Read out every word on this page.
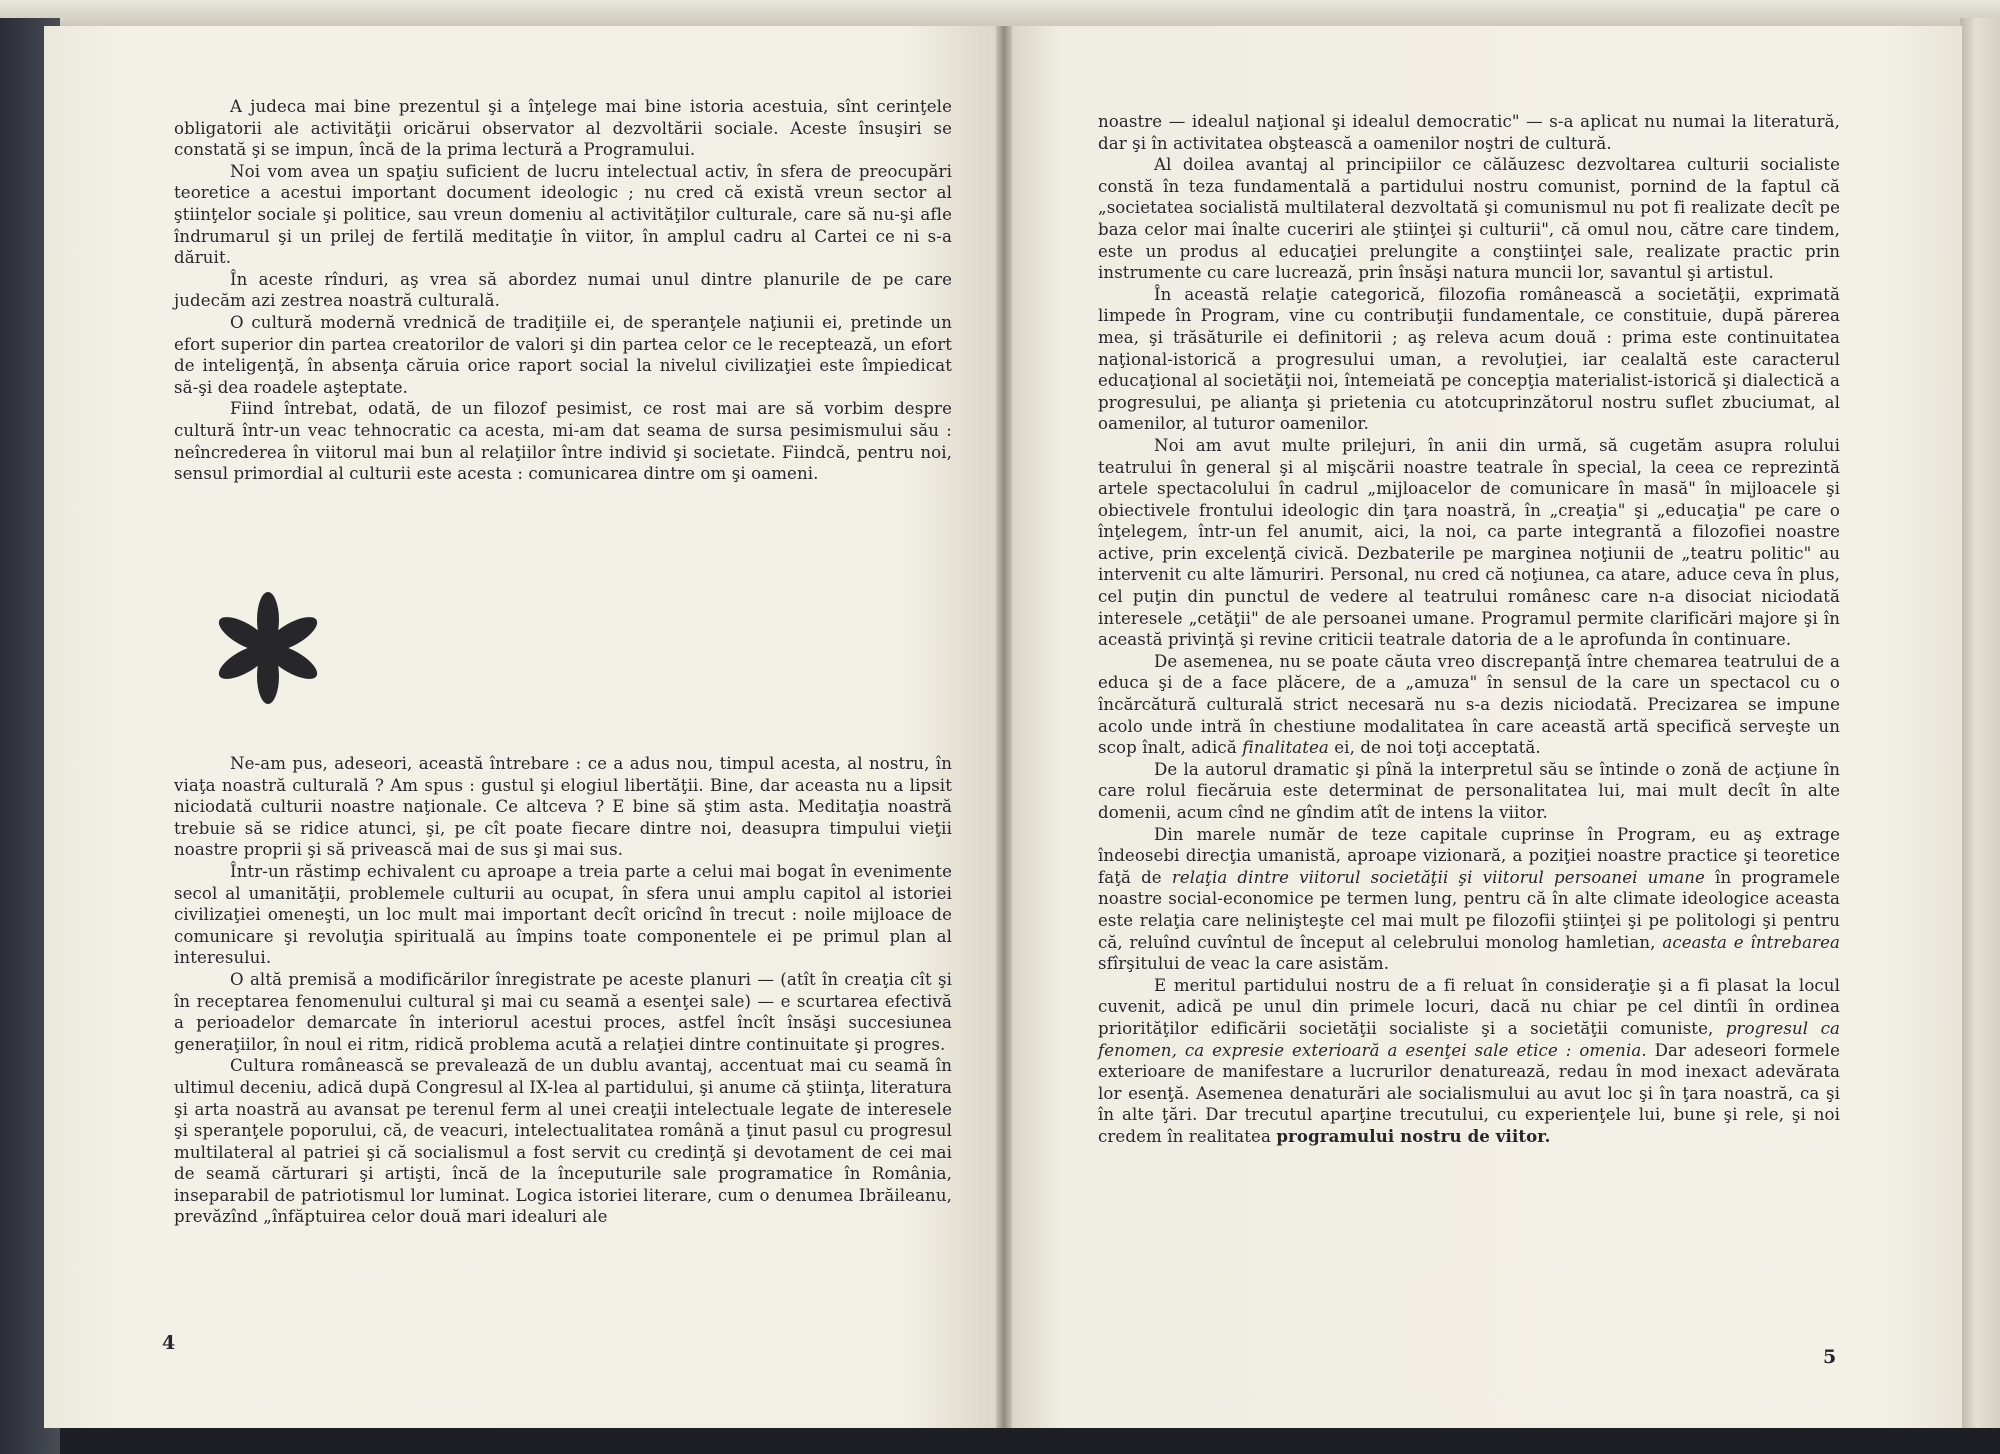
A judeca mai bine prezentul şi a înţelege mai bine istoria acestuia, sînt cerinţele obligatorii ale activităţii oricărui observator al dezvoltării sociale. Aceste însuşiri se constată şi se impun, încă de la prima lectură a Programului.

Noi vom avea un spaţiu suficient de lucru intelectual activ, în sfera de preocupări teoretice a acestui important document ideologic ; nu cred că există vreun sector al ştiinţelor sociale şi politice, sau vreun domeniu al activităţilor culturale, care să nu-şi afle îndrumarul şi un prilej de fertilă meditaţie în viitor, în amplul cadru al Cartei ce ni s-a dăruit.

În aceste rînduri, aş vrea să abordez numai unul dintre planurile de pe care judecăm azi zestrea noastră culturală.

O cultură modernă vrednică de tradiţiile ei, de speranţele naţiunii ei, pretinde un efort superior din partea creatorilor de valori şi din partea celor ce le receptează, un efort de inteligenţă, în absenţa căruia orice raport social la nivelul civilizaţiei este împiedicat să-şi dea roadele aşteptate.

Fiind întrebat, odată, de un filozof pesimist, ce rost mai are să vorbim despre cultură într-un veac tehnocratic ca acesta, mi-am dat seama de sursa pesimismului său : neîncrederea în viitorul mai bun al relaţiilor între individ şi societate. Fiindcă, pentru noi, sensul primordial al culturii este acesta : comunicarea dintre om şi oameni.

Ne-am pus, adeseori, această întrebare : ce a adus nou, timpul acesta, al nostru, în viaţa noastră culturală ? Am spus : gustul şi elogiul libertăţii. Bine, dar aceasta nu a lipsit niciodată culturii noastre naţionale. Ce altceva ? E bine să ştim asta. Meditaţia noastră trebuie să se ridice atunci, şi, pe cît poate fiecare dintre noi, deasupra timpului vieţii noastre proprii şi să privească mai de sus şi mai sus.

Într-un răstimp echivalent cu aproape a treia parte a celui mai bogat în evenimente secol al umanităţii, problemele culturii au ocupat, în sfera unui amplu capitol al istoriei civilizaţiei omeneşti, un loc mult mai important decît oricînd în trecut : noile mijloace de comunicare şi revoluţia spirituală au împins toate componentele ei pe primul plan al interesului.

O altă premisă a modificărilor înregistrate pe aceste planuri — (atît în creaţia cît şi în receptarea fenomenului cultural şi mai cu seamă a esenţei sale) — e scurtarea efectivă a perioadelor demarcate în interiorul acestui proces, astfel încît însăşi succesiunea generaţiilor, în noul ei ritm, ridică problema acută a relaţiei dintre continuitate şi progres.

Cultura românească se prevalează de un dublu avantaj, accentuat mai cu seamă în ultimul deceniu, adică după Congresul al IX-lea al partidului, şi anume că ştiinţa, literatura şi arta noastră au avansat pe terenul ferm al unei creaţii intelectuale legate de interesele şi speranţele poporului, că, de veacuri, intelectualitatea română a ţinut pasul cu progresul multilateral al patriei şi că socialismul a fost servit cu credinţă şi devotament de cei mai de seamă cărturari şi artişti, încă de la începuturile sale programatice în România, inseparabil de patriotismul lor luminat. Logica istoriei literare, cum o denumea Ibrăileanu, prevăzînd „înfăptuirea celor două mari idealuri ale

4

noastre — idealul naţional şi idealul democratic" — s-a aplicat nu numai la literatură, dar şi în activitatea obştească a oamenilor noştri de cultură.

Al doilea avantaj al principiilor ce călăuzesc dezvoltarea culturii socialiste constă în teza fundamentală a partidului nostru comunist, pornind de la faptul că „societatea socialistă multilateral dezvoltată şi comunismul nu pot fi realizate decît pe baza celor mai înalte cuceriri ale ştiinţei şi culturii", că omul nou, către care tindem, este un produs al educaţiei prelungite a conştiinţei sale, realizate practic prin instrumente cu care lucrează, prin însăşi natura muncii lor, savantul şi artistul.

În această relaţie categorică, filozofia românească a societăţii, exprimată limpede în Program, vine cu contribuţii fundamentale, ce constituie, după părerea mea, şi trăsăturile ei definitorii ; aş releva acum două : prima este continuitatea naţional-istorică a progresului uman, a revoluţiei, iar cealaltă este caracterul educaţional al societăţii noi, întemeiată pe concepţia materialist-istorică şi dialectică a progresului, pe alianţa şi prietenia cu atotcuprinzătorul nostru suflet zbuciumat, al oamenilor, al tuturor oamenilor.

Noi am avut multe prilejuri, în anii din urmă, să cugetăm asupra rolului teatrului în general şi al mişcării noastre teatrale în special, la ceea ce reprezintă artele spectacolului în cadrul „mijloacelor de comunicare în masă" în mijloacele şi obiectivele frontului ideologic din ţara noastră, în „creaţia" şi „educaţia" pe care o înţelegem, într-un fel anumit, aici, la noi, ca parte integrantă a filozofiei noastre active, prin excelenţă civică. Dezbaterile pe marginea noţiunii de „teatru politic" au intervenit cu alte lămuriri. Personal, nu cred că noţiunea, ca atare, aduce ceva în plus, cel puţin din punctul de vedere al teatrului românesc care n-a disociat niciodată interesele „cetăţii" de ale persoanei umane. Programul permite clarificări majore şi în această privinţă şi revine criticii teatrale datoria de a le aprofunda în continuare.

De asemenea, nu se poate căuta vreo discrepanţă între chemarea teatrului de a educa şi de a face plăcere, de a „amuza" în sensul de la care un spectacol cu o încărcătură culturală strict necesară nu s-a dezis niciodată. Precizarea se impune acolo unde intră în chestiune modalitatea în care această artă specifică serveşte un scop înalt, adică finalitatea ei, de noi toţi acceptată.

De la autorul dramatic şi pînă la interpretul său se întinde o zonă de acţiune în care rolul fiecăruia este determinat de personalitatea lui, mai mult decît în alte domenii, acum cînd ne gîndim atît de intens la viitor.

Din marele număr de teze capitale cuprinse în Program, eu aş extrage îndeosebi direcţia umanistă, aproape vizionară, a poziţiei noastre practice şi teoretice faţă de relaţia dintre viitorul societăţii şi viitorul persoanei umane în programele noastre social-economice pe termen lung, pentru că în alte climate ideologice aceasta este relaţia care nelinişteşte cel mai mult pe filozofii ştiinţei şi pe politologi şi pentru că, reluînd cuvîntul de început al celebrului monolog hamletian, aceasta e întrebarea sfîrşitului de veac la care asistăm.

E meritul partidului nostru de a fi reluat în consideraţie şi a fi plasat la locul cuvenit, adică pe unul din primele locuri, dacă nu chiar pe cel dintîi în ordinea priorităţilor edificării societăţii socialiste şi a societăţii comuniste, progresul ca fenomen, ca expresie exterioară a esenţei sale etice : omenia. Dar adeseori formele exterioare de manifestare a lucrurilor denaturează, redau în mod inexact adevărata lor esenţă. Asemenea denaturări ale socialismului au avut loc şi în ţara noastră, ca şi în alte ţări. Dar trecutul aparţine trecutului, cu experienţele lui, bune şi rele, şi noi credem în realitatea programului nostru de viitor.

5
